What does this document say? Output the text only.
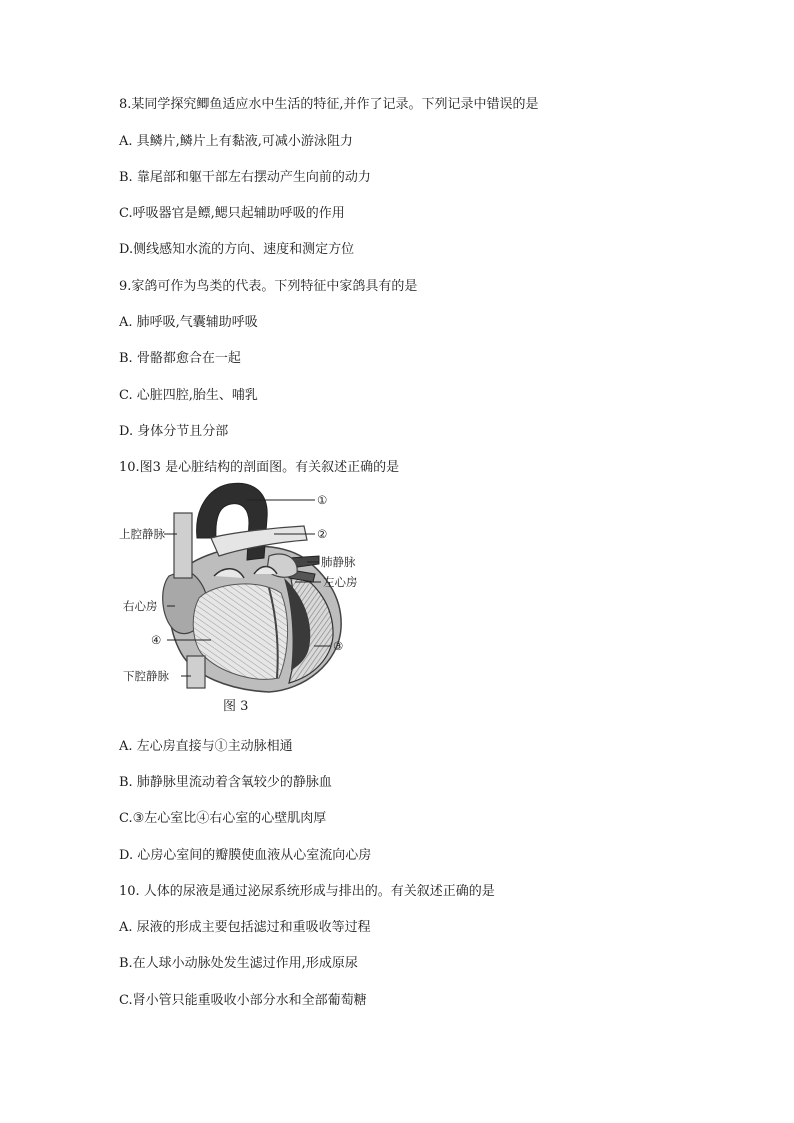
8.某同学探究鲫鱼适应水中生活的特征,并作了记录。下列记录中错误的是
A. 具鳞片,鳞片上有黏液,可减小游泳阻力
B. 靠尾部和躯干部左右摆动产生向前的动力
C.呼吸器官是鳔,鳃只起辅助呼吸的作用
D.侧线感知水流的方向、速度和测定方位
9.家鸽可作为鸟类的代表。下列特征中家鸽具有的是
A. 肺呼吸,气囊辅助呼吸
B. 骨骼都愈合在一起
C. 心脏四腔,胎生、哺乳
D. 身体分节且分部
10.图3 是心脏结构的剖面图。有关叙述正确的是
①
②
③
④
上腔静脉
肺静脉
左心房
右心房
下腔静脉
图 3
A. 左心房直接与①主动脉相通
B. 肺静脉里流动着含氧较少的静脉血
C.③左心室比④右心室的心壁肌肉厚
D. 心房心室间的瓣膜使血液从心室流向心房
10. 人体的尿液是通过泌尿系统形成与排出的。有关叙述正确的是
A. 尿液的形成主要包括滤过和重吸收等过程
B.在人球小动脉处发生滤过作用,形成原尿
C.肾小管只能重吸收小部分水和全部葡萄糖
